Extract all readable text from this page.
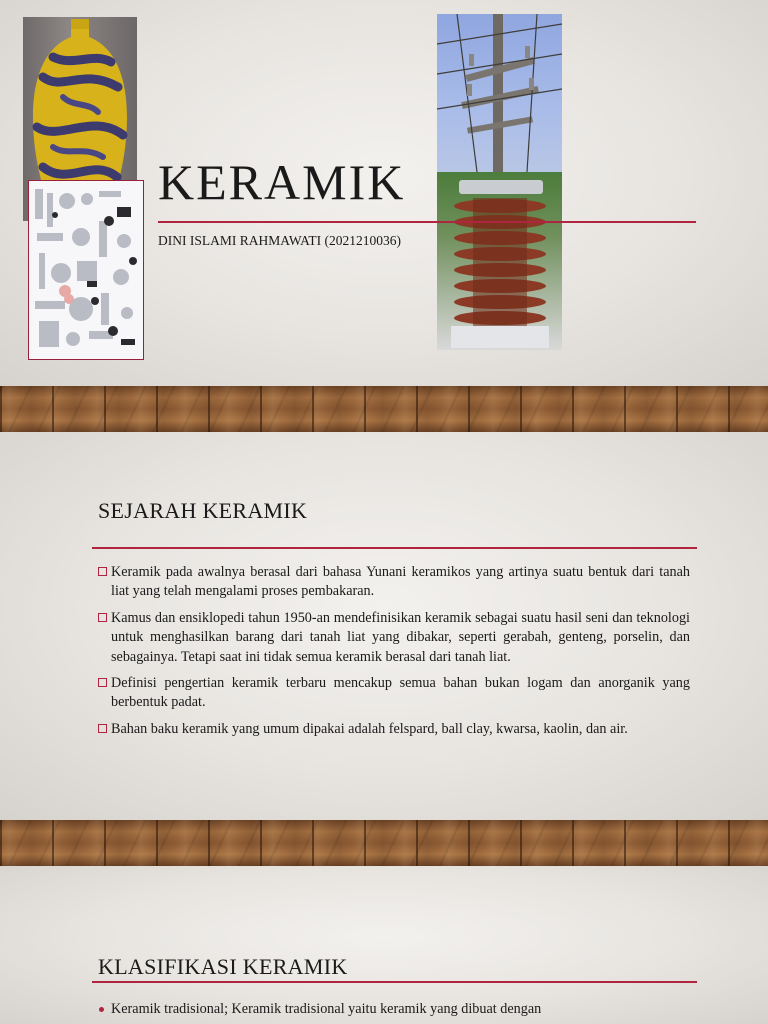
KERAMIK
DINI ISLAMI RAHMAWATI (2021210036)
SEJARAH KERAMIK
Keramik pada awalnya berasal dari bahasa Yunani keramikos yang artinya suatu bentuk dari tanah liat yang telah mengalami proses pembakaran.
Kamus dan ensiklopedi tahun 1950-an mendefinisikan keramik sebagai suatu hasil seni dan teknologi untuk menghasilkan barang dari tanah liat yang dibakar, seperti gerabah, genteng, porselin, dan sebagainya. Tetapi saat ini tidak semua keramik berasal dari tanah liat.
Definisi pengertian keramik terbaru mencakup semua bahan bukan logam dan anorganik yang berbentuk padat.
Bahan baku keramik yang umum dipakai adalah felspard, ball clay, kwarsa, kaolin, dan air.
KLASIFIKASI KERAMIK
Keramik tradisional; Keramik tradisional yaitu keramik yang dibuat dengan
